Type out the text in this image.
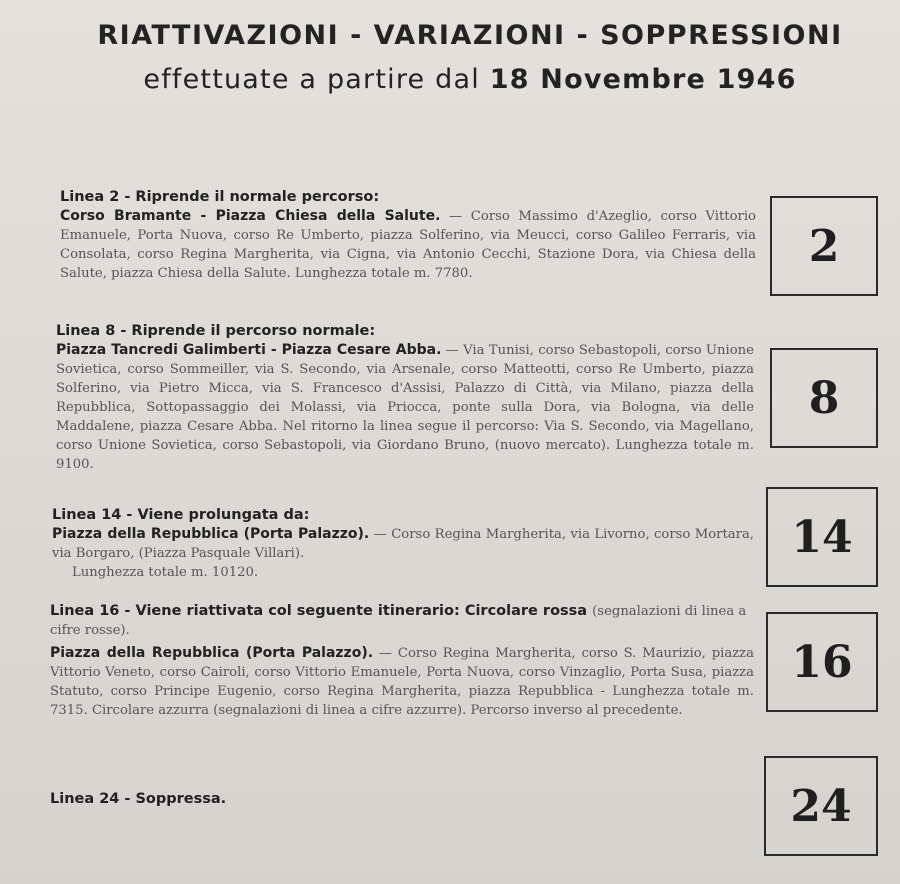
RIATTIVAZIONI - VARIAZIONI - SOPPRESSIONI
effettuate a partire dal 18 Novembre 1946
Linea 2 - Riprende il normale percorso:
Corso Bramante - Piazza Chiesa della Salute. — Corso Massimo d'Azeglio, corso Vittorio Emanuele, Porta Nuova, corso Re Umberto, piazza Solferino, via Meucci, corso Galileo Ferraris, via Consolata, corso Regina Margherita, via Cigna, via Antonio Cecchi, Stazione Dora, via Chiesa della Salute, piazza Chiesa della Salute. Lunghezza totale m. 7780.
2
Linea 8 - Riprende il percorso normale:
Piazza Tancredi Galimberti - Piazza Cesare Abba. — Via Tunisi, corso Sebastopoli, corso Unione Sovietica, corso Sommeiller, via S. Secondo, via Arsenale, corso Matteotti, corso Re Umberto, piazza Solferino, via Pietro Micca, via S. Francesco d'Assisi, Palazzo di Città, via Milano, piazza della Repubblica, Sottopassaggio dei Molassi, via Priocca, ponte sulla Dora, via Bologna, via delle Maddalene, piazza Cesare Abba. Nel ritorno la linea segue il percorso: Via S. Secondo, via Magellano, corso Unione Sovietica, corso Sebastopoli, via Giordano Bruno, (nuovo mercato). Lunghezza totale m. 9100.
8
Linea 14 - Viene prolungata da:
Piazza della Repubblica (Porta Palazzo). — Corso Regina Margherita, via Livorno, corso Mortara, via Borgaro, (Piazza Pasquale Villari).
Lunghezza totale m. 10120.
14
Linea 16 - Viene riattivata col seguente itinerario: Circolare rossa (segnalazioni di linea a cifre rosse).
Piazza della Repubblica (Porta Palazzo). — Corso Regina Margherita, corso S. Maurizio, piazza Vittorio Veneto, corso Cairoli, corso Vittorio Emanuele, Porta Nuova, corso Vinzaglio, Porta Susa, piazza Statuto, corso Principe Eugenio, corso Regina Margherita, piazza Repubblica - Lunghezza totale m. 7315. Circolare azzurra (segnalazioni di linea a cifre azzurre). Percorso inverso al precedente.
16
Linea 24 - Soppressa.	24
